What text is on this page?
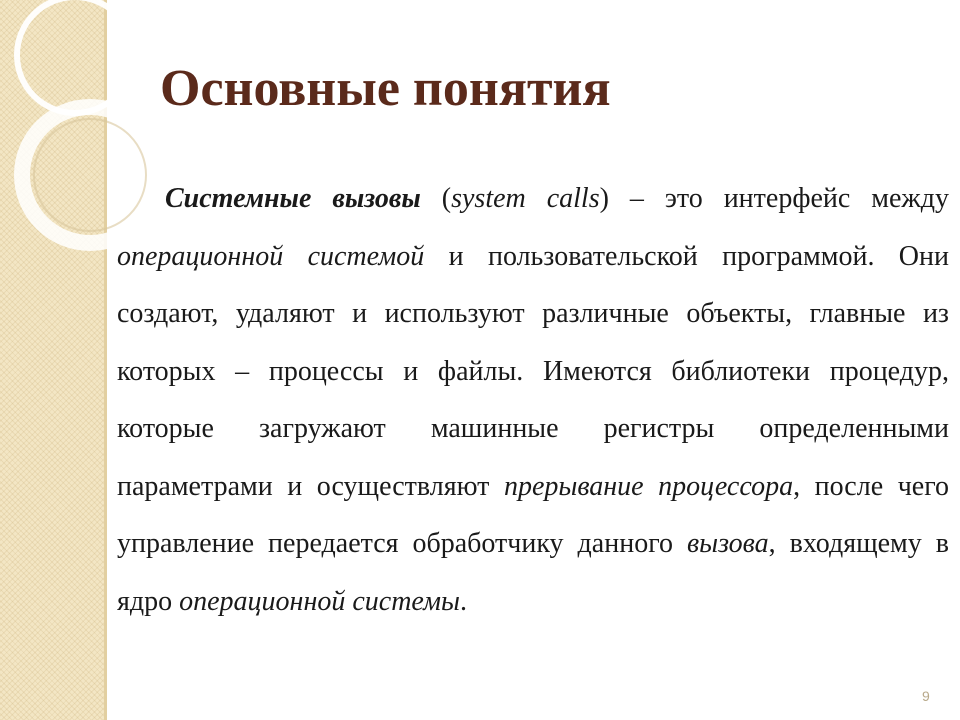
Основные понятия

Системные вызовы (system calls) – это интерфейс между операционной системой и пользовательской программой. Они создают, удаляют и используют различные объекты, главные из которых – процессы и файлы. Имеются библиотеки процедур, которые загружают машинные регистры определенными параметрами и осуществляют прерывание процессора, после чего управление передается обработчику данного вызова, входящему в ядро операционной системы.

9
